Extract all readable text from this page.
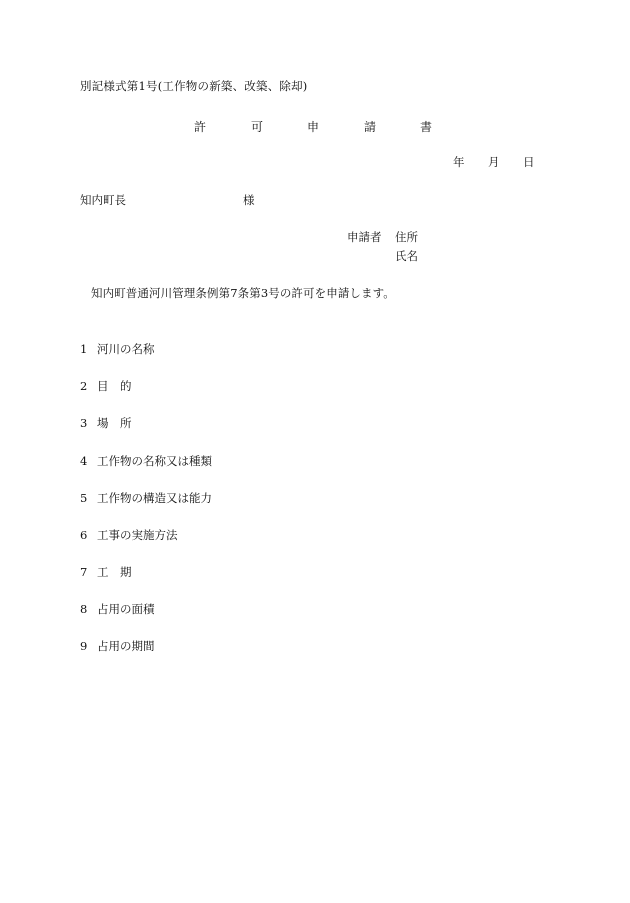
別記様式第1号(工作物の新築、改築、除却)
許	可	申	請	書
年 月 日
知内町長	様
申請者 住所
氏名
知内町普通河川管理条例第7条第3号の許可を申請します。
1 河川の名称
2 目　的
3 場　所
4 工作物の名称又は種類
5 工作物の構造又は能力
6 工事の実施方法
7 工　期
8 占用の面積
9 占用の期間
